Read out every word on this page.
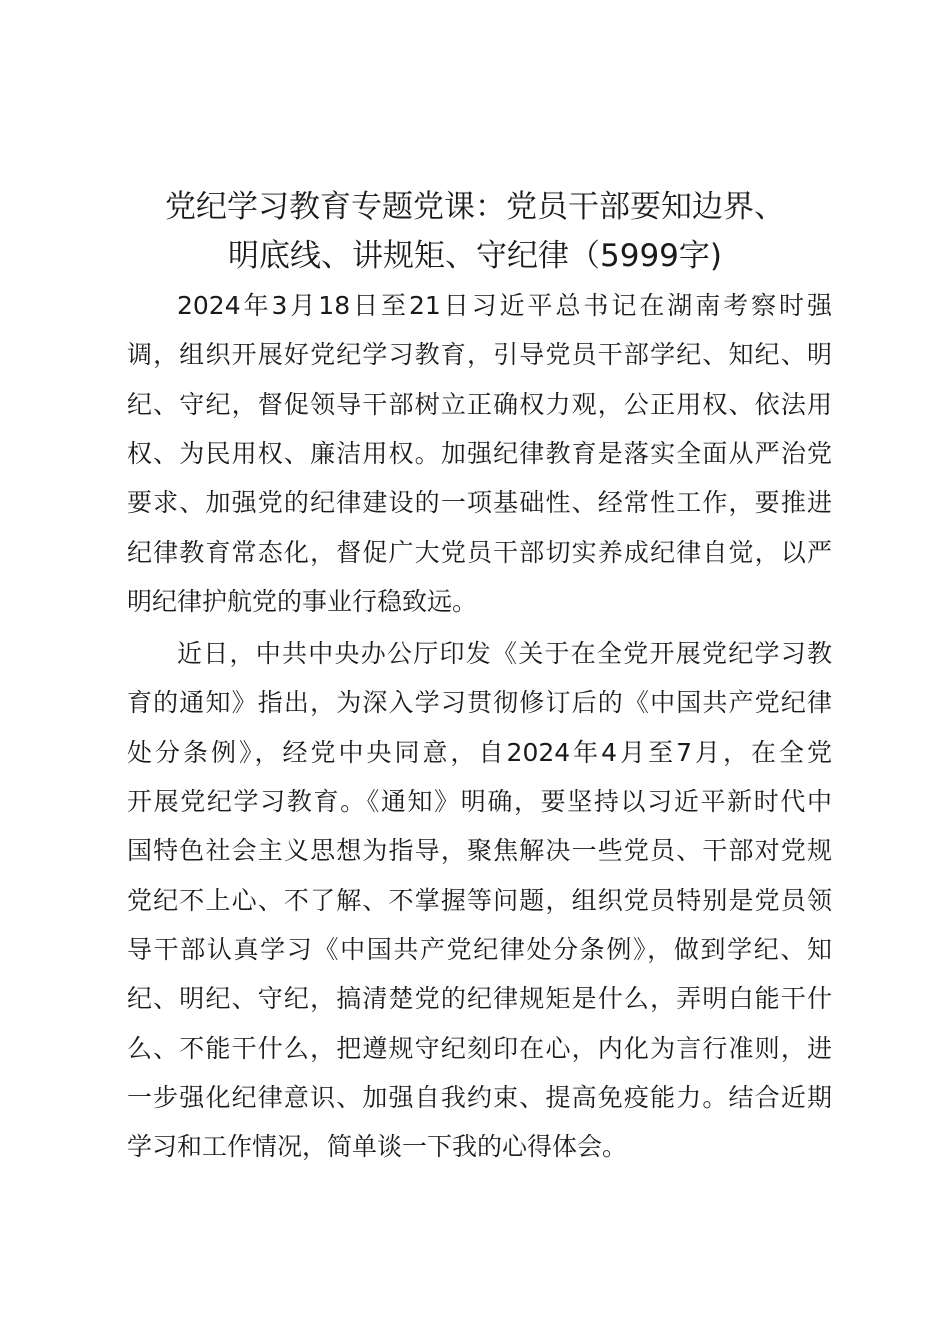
党纪学习教育专题党课：党员干部要知边界、
明底线、讲规矩、守纪律（5999字)
2024年3月18日至21日习近平总书记在湖南考察时强
调，组织开展好党纪学习教育，引导党员干部学纪、知纪、明
纪、守纪，督促领导干部树立正确权力观，公正用权、依法用
权、为民用权、廉洁用权。加强纪律教育是落实全面从严治党
要求、加强党的纪律建设的一项基础性、经常性工作，要推进
纪律教育常态化，督促广大党员干部切实养成纪律自觉，以严
明纪律护航党的事业行稳致远。
近日，中共中央办公厅印发《关于在全党开展党纪学习教
育的通知》指出，为深入学习贯彻修订后的《中国共产党纪律
处分条例》，经党中央同意，自2024年4月至7月，在全党
开展党纪学习教育。《通知》明确，要坚持以习近平新时代中
国特色社会主义思想为指导，聚焦解决一些党员、干部对党规
党纪不上心、不了解、不掌握等问题，组织党员特别是党员领
导干部认真学习《中国共产党纪律处分条例》，做到学纪、知
纪、明纪、守纪，搞清楚党的纪律规矩是什么，弄明白能干什
么、不能干什么，把遵规守纪刻印在心，内化为言行准则，进
一步强化纪律意识、加强自我约束、提高免疫能力。结合近期
学习和工作情况，简单谈一下我的心得体会。
